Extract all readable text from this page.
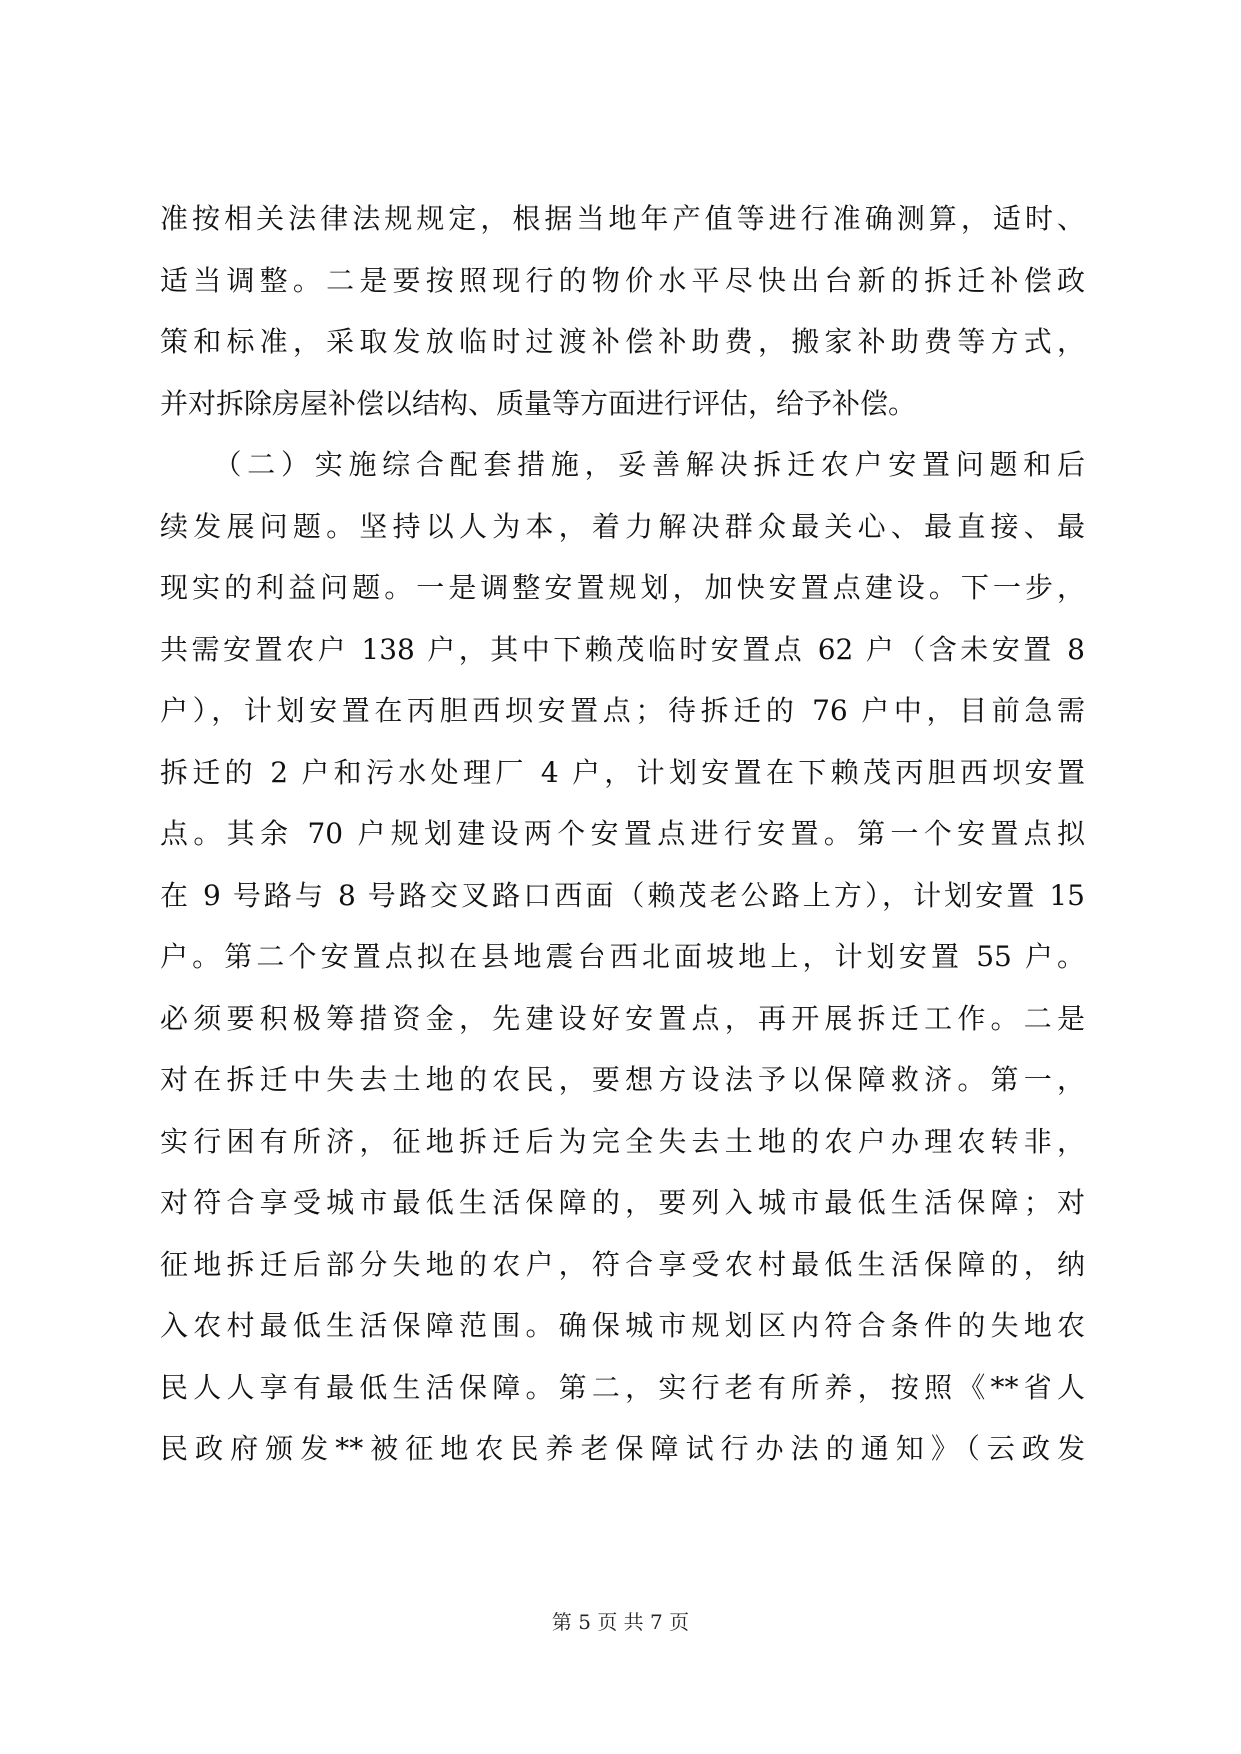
准按相关法律法规规定，根据当地年产值等进行准确测算，适时、
适当调整。二是要按照现行的物价水平尽快出台新的拆迁补偿政
策和标准，采取发放临时过渡补偿补助费，搬家补助费等方式，
并对拆除房屋补偿以结构、质量等方面进行评估，给予补偿。
　　（二）实施综合配套措施，妥善解决拆迁农户安置问题和后
续发展问题。坚持以人为本，着力解决群众最关心、最直接、最
现实的利益问题。一是调整安置规划，加快安置点建设。下一步，
共需安置农户 138 户，其中下赖茂临时安置点 62 户（含未安置 8
户），计划安置在丙胆西坝安置点；待拆迁的 76 户中，目前急需
拆迁的 2 户和污水处理厂 4 户，计划安置在下赖茂丙胆西坝安置
点。其余 70 户规划建设两个安置点进行安置。第一个安置点拟
在 9 号路与 8 号路交叉路口西面（赖茂老公路上方），计划安置 15
户。第二个安置点拟在县地震台西北面坡地上，计划安置 55 户。
必须要积极筹措资金，先建设好安置点，再开展拆迁工作。二是
对在拆迁中失去土地的农民，要想方设法予以保障救济。第一，
实行困有所济，征地拆迁后为完全失去土地的农户办理农转非，
对符合享受城市最低生活保障的，要列入城市最低生活保障；对
征地拆迁后部分失地的农户，符合享受农村最低生活保障的，纳
入农村最低生活保障范围。确保城市规划区内符合条件的失地农
民人人享有最低生活保障。第二，实行老有所养，按照《**省人
民政府颁发**被征地农民养老保障试行办法的通知》（云政发
第 5 页 共 7 页
